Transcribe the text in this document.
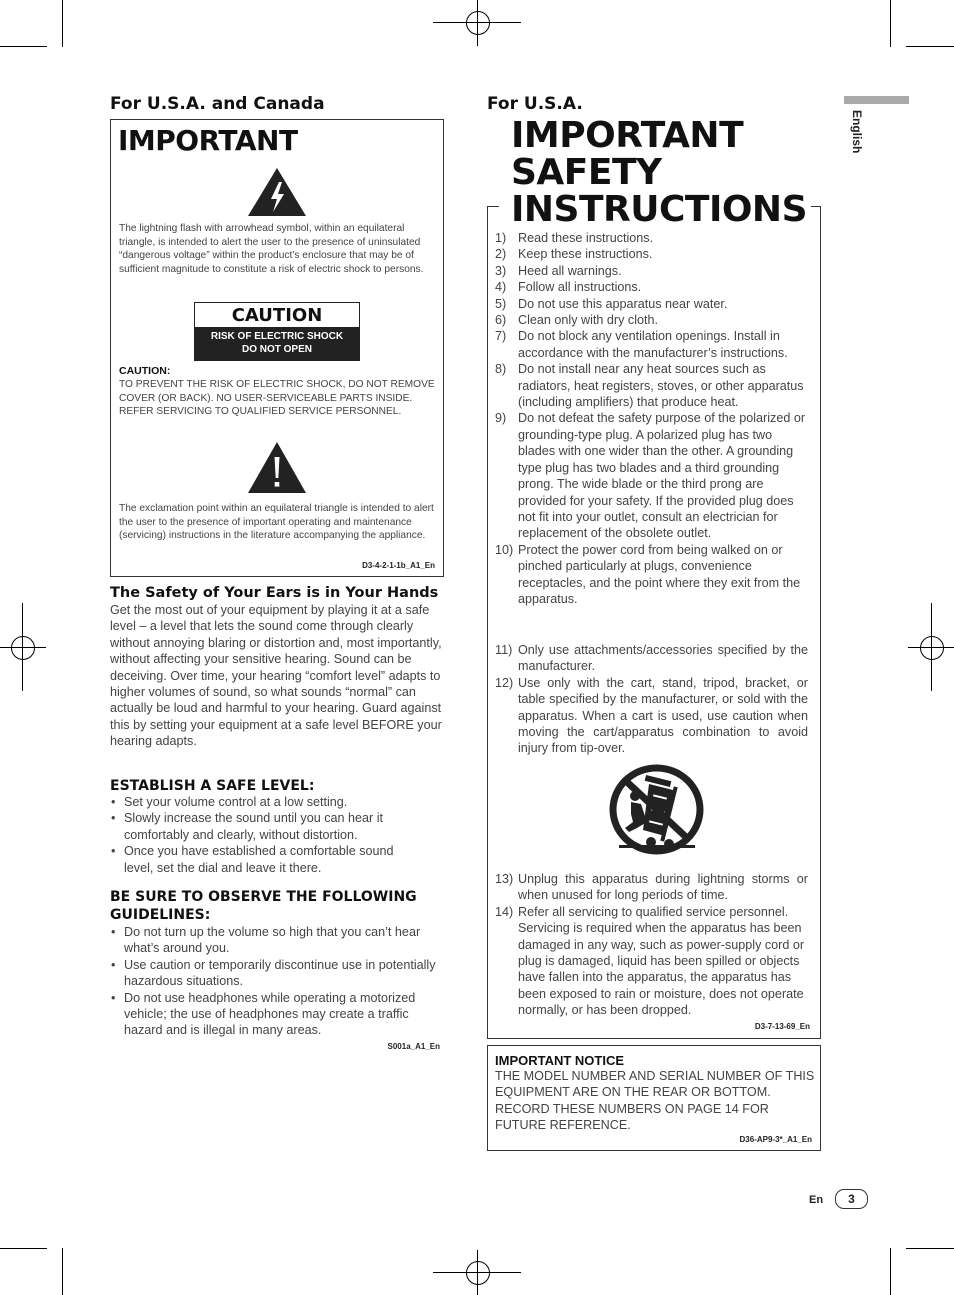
For U.S.A. and Canada
IMPORTANT
The lightning flash with arrowhead symbol, within an equilateral triangle, is intended to alert the user to the presence of uninsulated “dangerous voltage” within the product’s enclosure that may be of sufficient magnitude to constitute a risk of electric shock to persons.
CAUTION
RISK OF ELECTRIC SHOCK
DO NOT OPEN
CAUTION:
TO PREVENT THE RISK OF ELECTRIC SHOCK, DO NOT REMOVE COVER (OR BACK). NO USER-SERVICEABLE PARTS INSIDE. REFER SERVICING TO QUALIFIED SERVICE PERSONNEL.
The exclamation point within an equilateral triangle is intended to alert the user to the presence of important operating and maintenance (servicing) instructions in the literature accompanying the appliance.
D3-4-2-1-1b_A1_En
The Safety of Your Ears is in Your Hands
Get the most out of your equipment by playing it at a safe level – a level that lets the sound come through clearly without annoying blaring or distortion and, most importantly, without affecting your sensitive hearing. Sound can be deceiving. Over time, your hearing “comfort level” adapts to higher volumes of sound, so what sounds “normal” can actually be loud and harmful to your hearing. Guard against this by setting your equipment at a safe level BEFORE your hearing adapts.
ESTABLISH A SAFE LEVEL:
• Set your volume control at a low setting.
• Slowly increase the sound until you can hear it comfortably and clearly, without distortion.
• Once you have established a comfortable sound level, set the dial and leave it there.
BE SURE TO OBSERVE THE FOLLOWING GUIDELINES:
• Do not turn up the volume so high that you can’t hear what’s around you.
• Use caution or temporarily discontinue use in potentially hazardous situations.
• Do not use headphones while operating a motorized vehicle; the use of headphones may create a traffic hazard and is illegal in many areas.
S001a_A1_En
For U.S.A.
1) Read these instructions.
2) Keep these instructions.
3) Heed all warnings.
4) Follow all instructions.
5) Do not use this apparatus near water.
6) Clean only with dry cloth.
7) Do not block any ventilation openings. Install in accordance with the manufacturer’s instructions.
8) Do not install near any heat sources such as radiators, heat registers, stoves, or other apparatus (including amplifiers) that produce heat.
9) Do not defeat the safety purpose of the polarized or grounding-type plug. A polarized plug has two blades with one wider than the other. A grounding type plug has two blades and a third grounding prong. The wide blade or the third prong are provided for your safety. If the provided plug does not fit into your outlet, consult an electrician for replacement of the obsolete outlet.
10) Protect the power cord from being walked on or pinched particularly at plugs, convenience receptacles, and the point where they exit from the apparatus.
11) Only use attachments/accessories specified by the manufacturer.
12) Use only with the cart, stand, tripod, bracket, or table specified by the manufacturer, or sold with the apparatus. When a cart is used, use caution when moving the cart/apparatus combination to avoid injury from tip-over.
13) Unplug this apparatus during lightning storms or when unused for long periods of time.
14) Refer all servicing to qualified service personnel. Servicing is required when the apparatus has been damaged in any way, such as power-supply cord or plug is damaged, liquid has been spilled or objects have fallen into the apparatus, the apparatus has been exposed to rain or moisture, does not operate normally, or has been dropped.
D3-7-13-69_En
IMPORTANT
SAFETY
INSTRUCTIONS
IMPORTANT NOTICE
THE MODEL NUMBER AND SERIAL NUMBER OF THIS EQUIPMENT ARE ON THE REAR OR BOTTOM. RECORD THESE NUMBERS ON PAGE 14 FOR FUTURE REFERENCE.
D36-AP9-3*_A1_En
English
En	3
